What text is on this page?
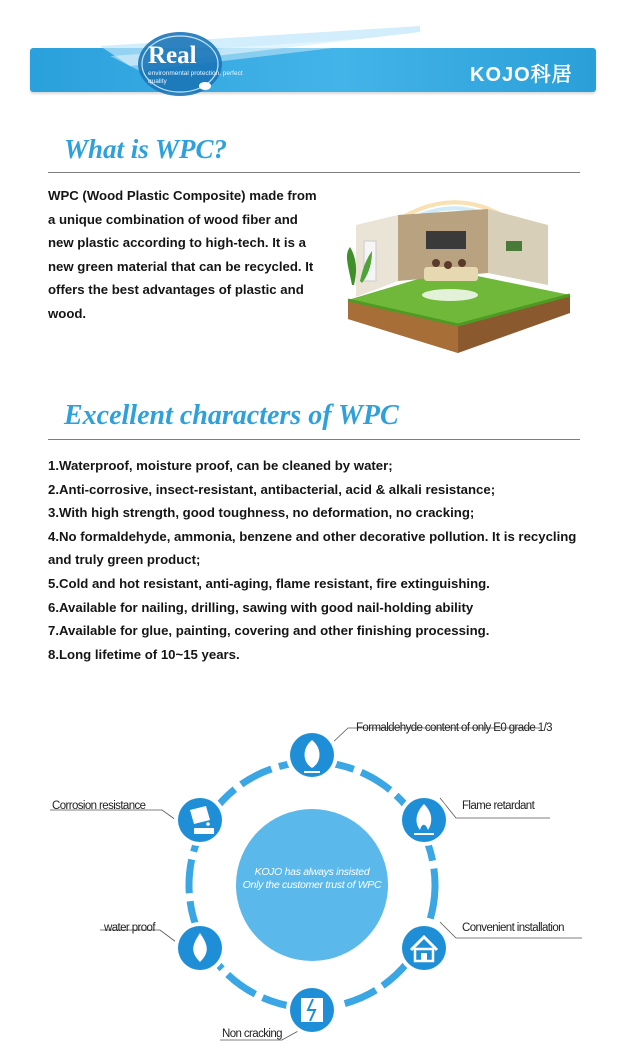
Real
environmental protection, perfect quality	KOJO科居
What is WPC?
WPC (Wood Plastic Composite) made from a unique combination of wood fiber and new plastic according to high-tech. It is a new green material that can be recycled. It offers the best advantages of plastic and wood.
Excellent characters of WPC
1.Waterproof, moisture proof, can be cleaned by water;
2.Anti-corrosive, insect-resistant, antibacterial, acid & alkali resistance;
3.With high strength, good toughness, no deformation, no cracking;
4.No formaldehyde, ammonia, benzene and other decorative pollution. It is recycling and truly green product;
5.Cold and hot resistant, anti-aging, flame resistant, fire extinguishing.
6.Available for nailing, drilling, sawing with good nail-holding ability
7.Available for glue, painting, covering and other finishing processing.
8.Long lifetime of 10~15 years.
Formaldehyde content of only E0 grade 1/3
Flame retardant
Convenient installation
Non cracking
water proof
Corrosion resistance
KOJO has always insisted
Only the customer trust of WPC
